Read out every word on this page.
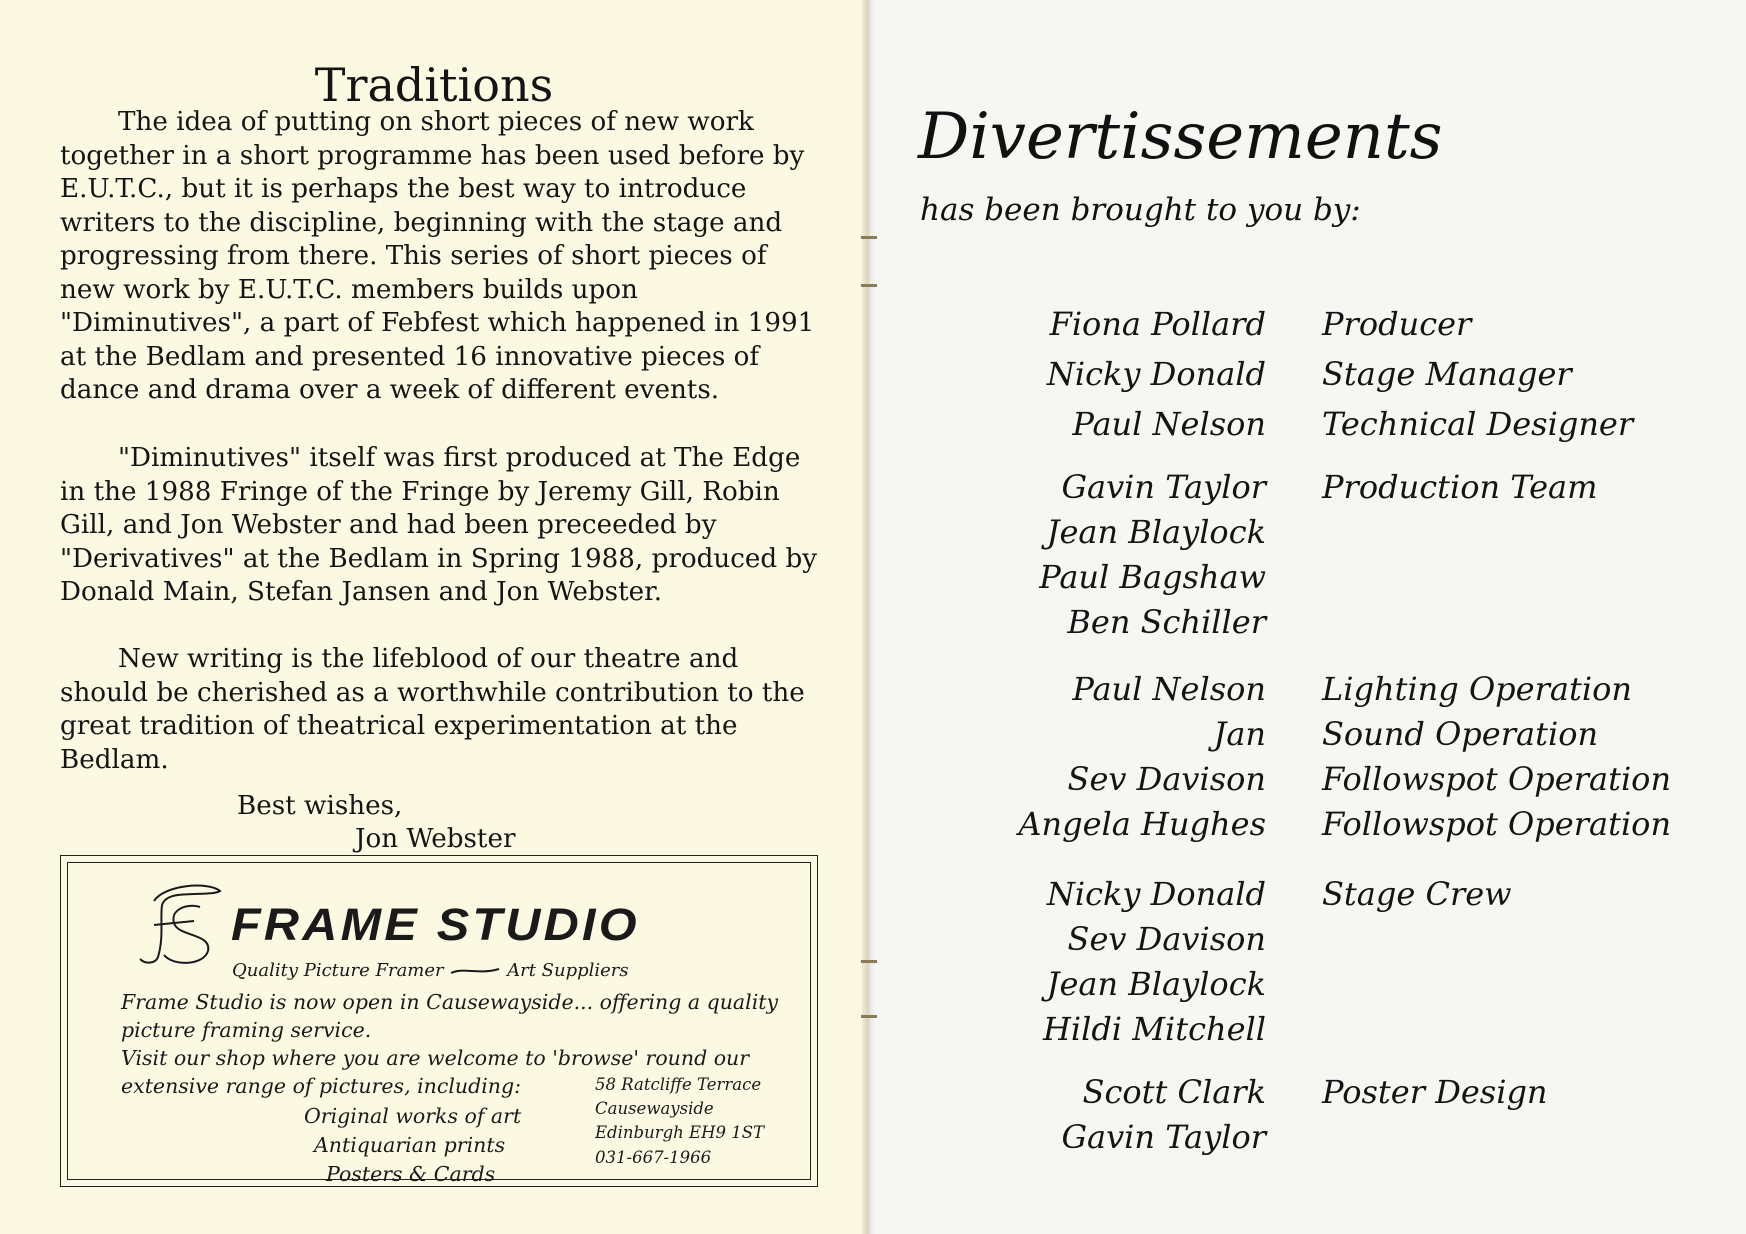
Traditions

The idea of putting on short pieces of new work together in a short programme has been used before by E.U.T.C., but it is perhaps the best way to introduce writers to the discipline, beginning with the stage and progressing from there. This series of short pieces of new work by E.U.T.C. members builds upon "Diminutives", a part of Febfest which happened in 1991 at the Bedlam and presented 16 innovative pieces of dance and drama over a week of different events.

"Diminutives" itself was first produced at The Edge in the 1988 Fringe of the Fringe by Jeremy Gill, Robin Gill, and Jon Webster and had been preceeded by "Derivatives" at the Bedlam in Spring 1988, produced by Donald Main, Stefan Jansen and Jon Webster.

New writing is the lifeblood of our theatre and should be cherished as a worthwhile contribution to the great tradition of theatrical experimentation at the Bedlam.

Best wishes,
Jon Webster
FRAME STUDIO
Quality Picture Framer	Art Suppliers
Frame Studio is now open in Causewayside... offering a quality
picture framing service.
Visit our shop where you are welcome to 'browse' round our
extensive range of pictures, including:
Original works of art
Antiquarian prints
Posters & Cards
58 Ratcliffe Terrace
Causewayside
Edinburgh EH9 1ST
031-667-1966
Divertissements
has been brought to you by:
Fiona Pollard Producer
Nicky Donald Stage Manager
Paul Nelson Technical Designer
Gavin Taylor Production Team
Jean Blaylock
Paul Bagshaw
Ben Schiller
Paul Nelson Lighting Operation
Jan Sound Operation
Sev Davison Followspot Operation
Angela Hughes Followspot Operation
Nicky Donald Stage Crew
Sev Davison
Jean Blaylock
Hildi Mitchell
Scott Clark Poster Design
Gavin Taylor
